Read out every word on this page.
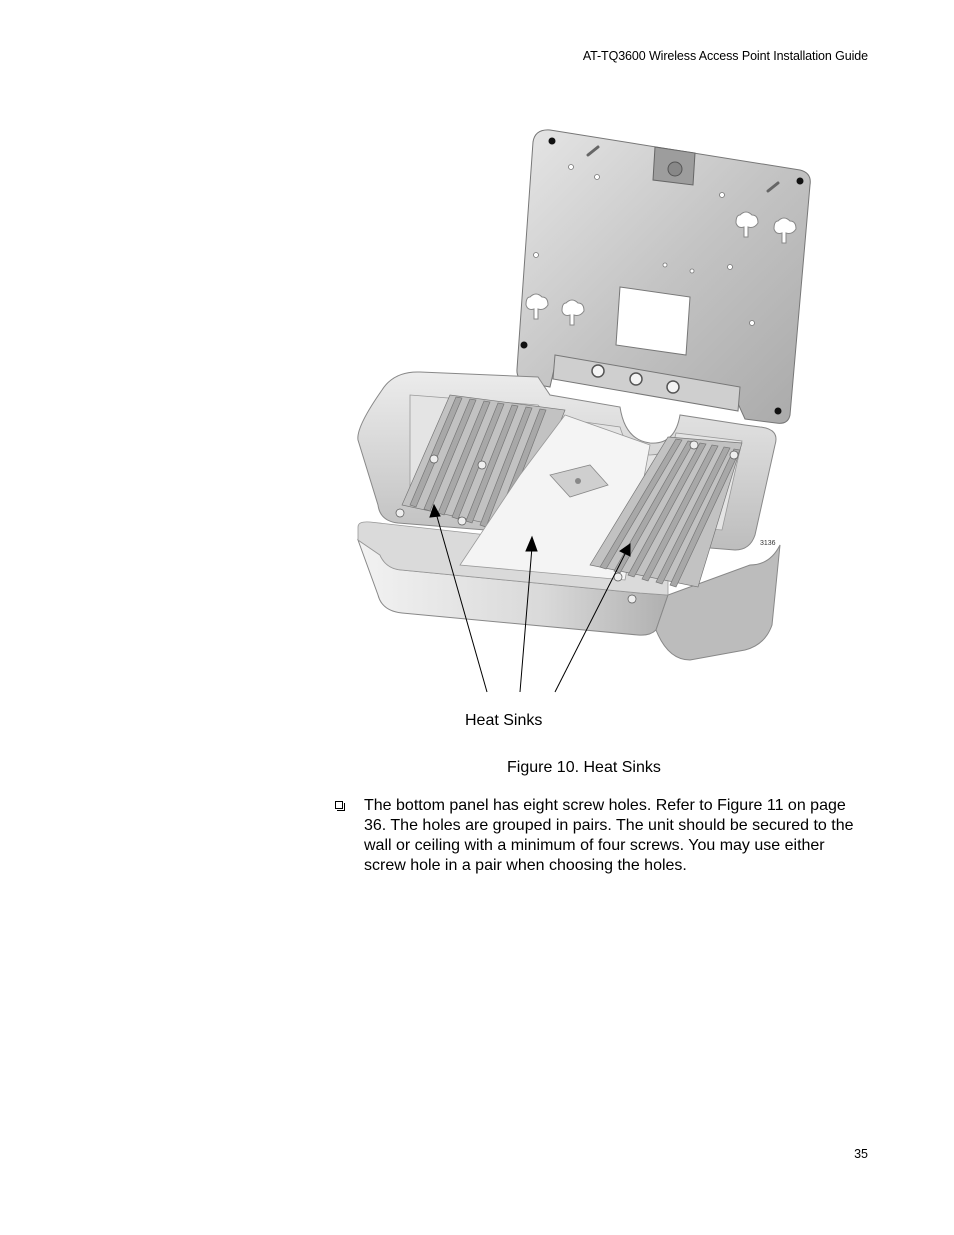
AT-TQ3600 Wireless Access Point Installation Guide
3136
Heat Sinks
Figure 10. Heat Sinks
The bottom panel has eight screw holes. Refer to Figure 11 on page 36. The holes are grouped in pairs. The unit should be secured to the wall or ceiling with a minimum of four screws. You may use either screw hole in a pair when choosing the holes.
35
